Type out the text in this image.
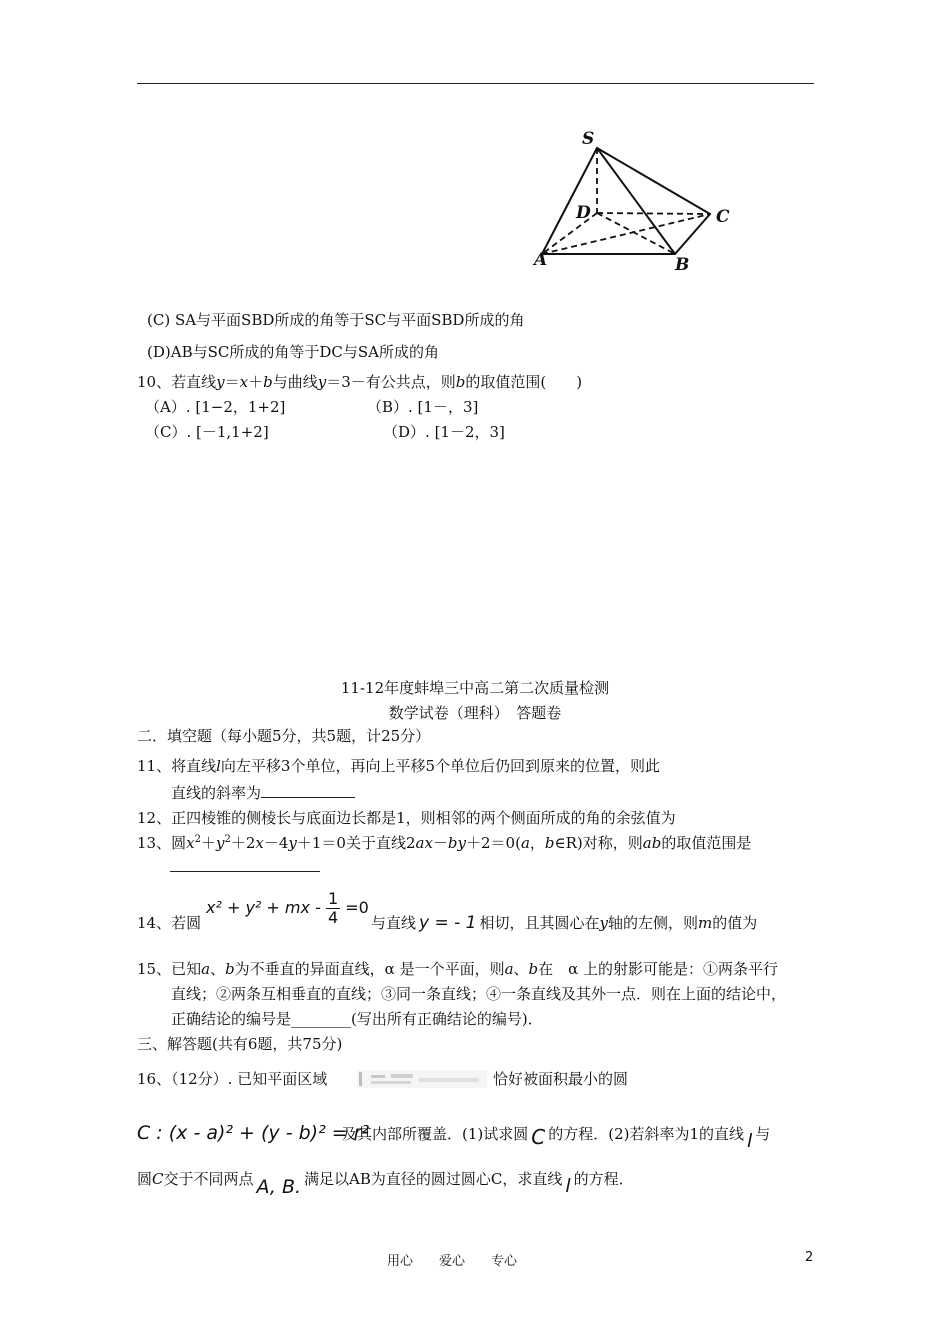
S
D	C
A	B
(C) SA与平面SBD所成的角等于SC与平面SBD所成的角
(D)AB与SC所成的角等于DC与SA所成的角
10、若直线y＝x＋b与曲线y＝3－有公共点，则b的取值范围(　　)
（A）. [1−2，1+2]	（B）. [1－，3]
（C）. [－1,1+2]	（D）. [1－2，3]
11-12年度蚌埠三中高二第二次质量检测
数学试卷（理科）　答题卷
二．填空题（每小题5分，共5题，计25分）
11、将直线l向左平移3个单位，再向上平移5个单位后仍回到原来的位置，则此
直线的斜率为
12、正四棱锥的侧棱长与底面边长都是1，则相邻的两个侧面所成的角的余弦值为
13、圆$x^2+y^2+2x-4y+1=0$关于直线2ax－by＋2＝0(a，b∈R)对称，则ab的取值范围是
14、若圆
x² + y² + mx - $\frac{1}{4} =0$
与直线 y = - 1 相切，且其圆心在y轴的左侧，则m的值为
15、已知a、b为不垂直的异面直线，α 是一个平面，则a、b在　α 上的射影可能是：①两条平行
直线；②两条互相垂直的直线；③同一条直线；④一条直线及其外一点．则在上面的结论中，
正确结论的编号是________(写出所有正确结论的编号)．
三、解答题(共有6题，共75分)
16、（12分）. 已知平面区域	恰好被面积最小的圆
C : (x - a)² + (y - b)² = r²
及其内部所覆盖．(1)试求圆 C 的方程．(2)若斜率为1的直线 l 与
圆C交于不同两点 A, B. 满足以AB为直径的圆过圆心C，求直线 l 的方程．
用心　　爱心　　专心	2
